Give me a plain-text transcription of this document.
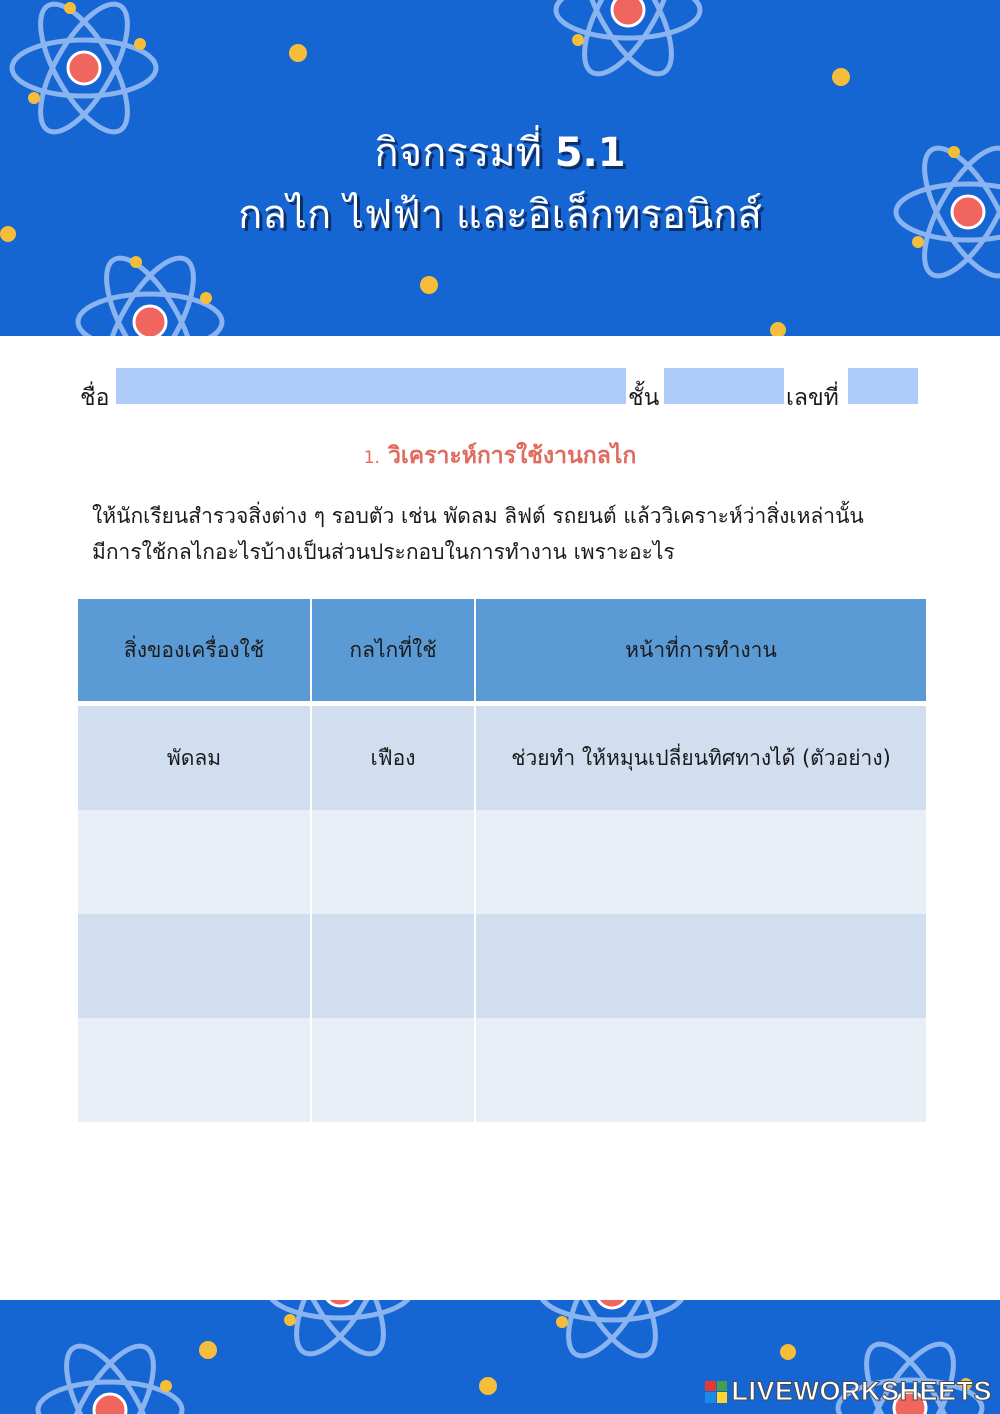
กิจกรรมที่ 5.1
กลไก ไฟฟ้า และอิเล็กทรอนิกส์
ชื่อ	ชั้น	เลขที่
1. วิเคราะห์การใช้งานกลไก

ให้นักเรียนสำรวจสิ่งต่าง ๆ รอบตัว เช่น พัดลม ลิฟต์ รถยนต์ แล้ววิเคราะห์ว่าสิ่งเหล่านั้น

มีการใช้กลไกอะไรบ้างเป็นส่วนประกอบในการทำงาน เพราะอะไร

สิ่งของเครื่องใช้	กลไกที่ใช้	หน้าที่การทำงาน
พัดลม	เฟือง	ช่วยทำ ให้หมุนเปลี่ยนทิศทางได้ (ตัวอย่าง)

LIVEWORKSHEETS
